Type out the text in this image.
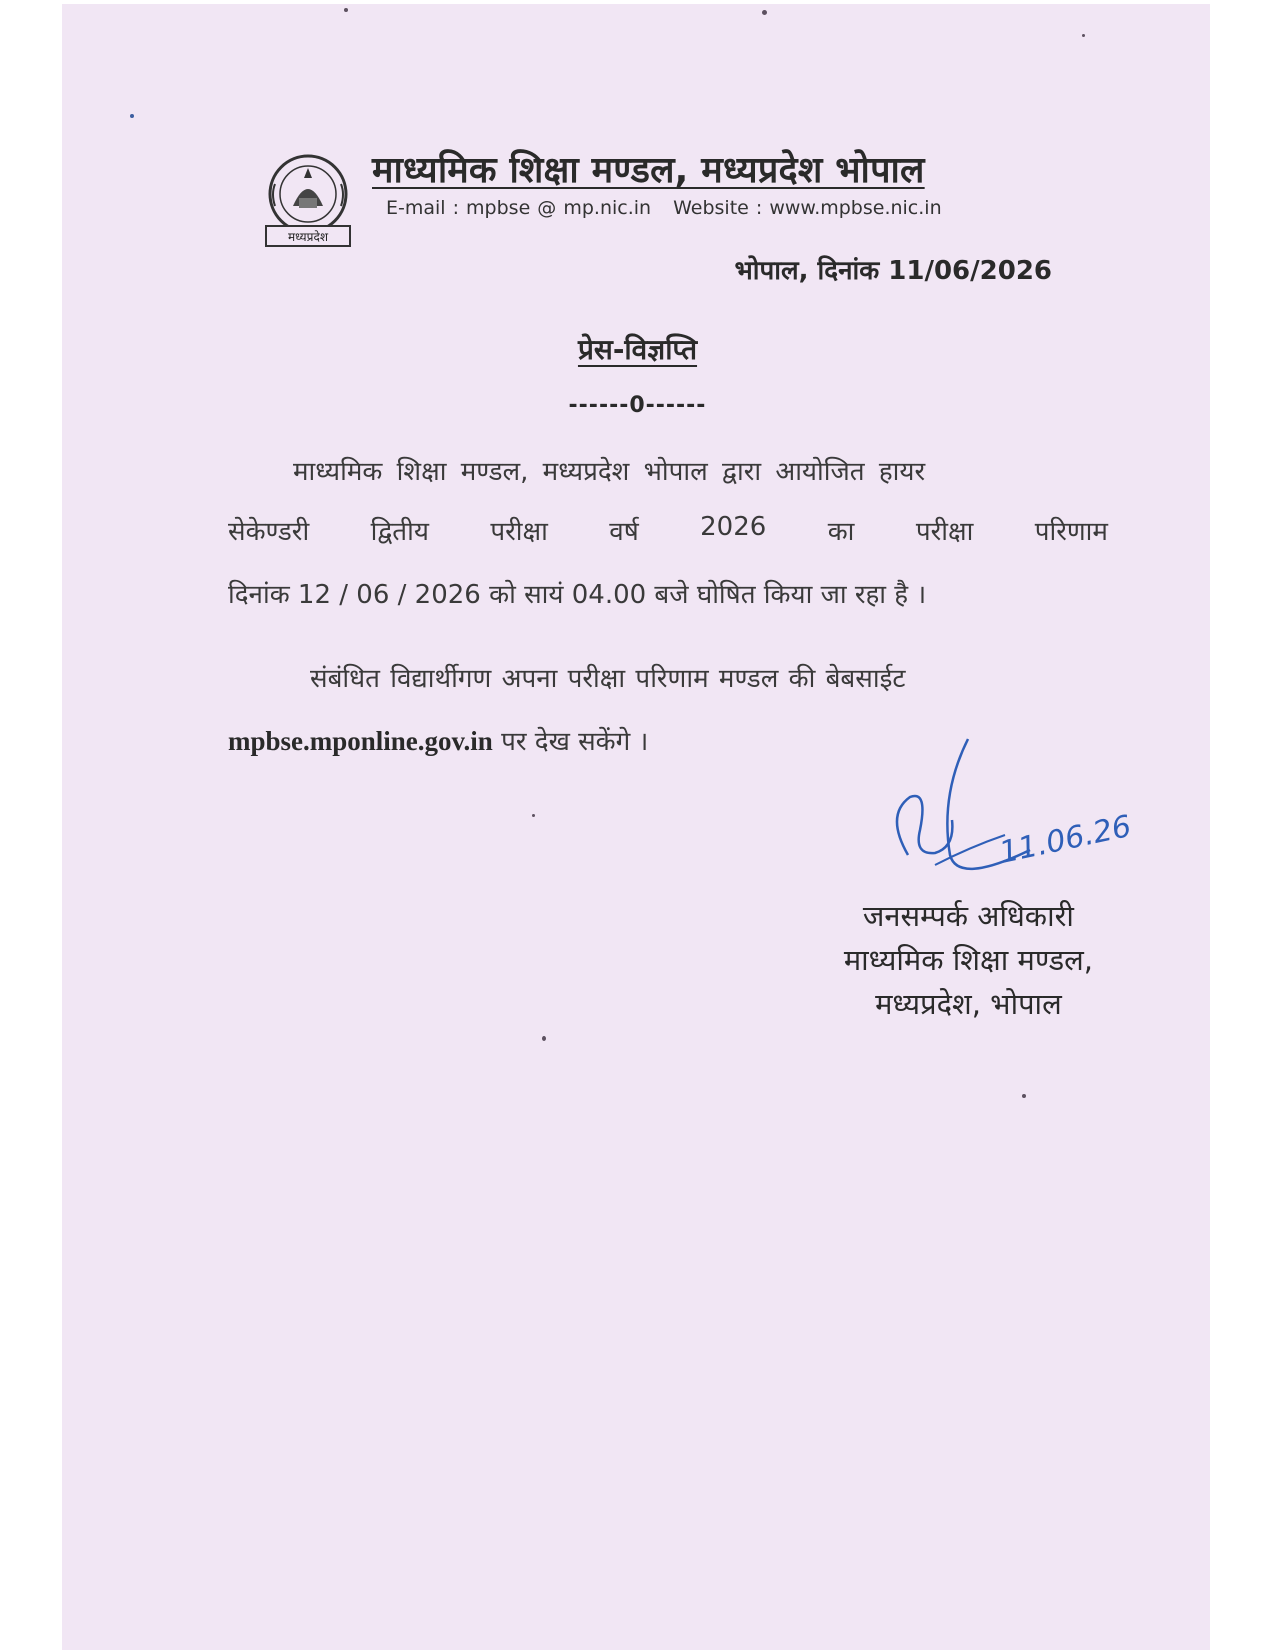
मध्यप्रदेश
माध्यमिक शिक्षा मण्डल, मध्यप्रदेश भोपाल
E-mail : mpbse @ mp.nic.in Website : www.mpbse.nic.in
भोपाल, दिनांक 11/06/2026
प्रेस-विज्ञप्ति
------0------
माध्यमिक शिक्षा मण्डल, मध्यप्रदेश भोपाल द्वारा आयोजित हायर
सेकेण्डरी द्वितीय परीक्षा वर्ष 2026 का परीक्षा परिणाम
दिनांक 12 / 06 / 2026 को सायं 04.00 बजे घोषित किया जा रहा है ।
संबंधित विद्यार्थीगण अपना परीक्षा परिणाम मण्डल की बेबसाईट
mpbse.mponline.gov.in पर देख सकेंगे ।
11.06.26
जनसम्पर्क अधिकारी
माध्यमिक शिक्षा मण्डल,
मध्यप्रदेश, भोपाल
